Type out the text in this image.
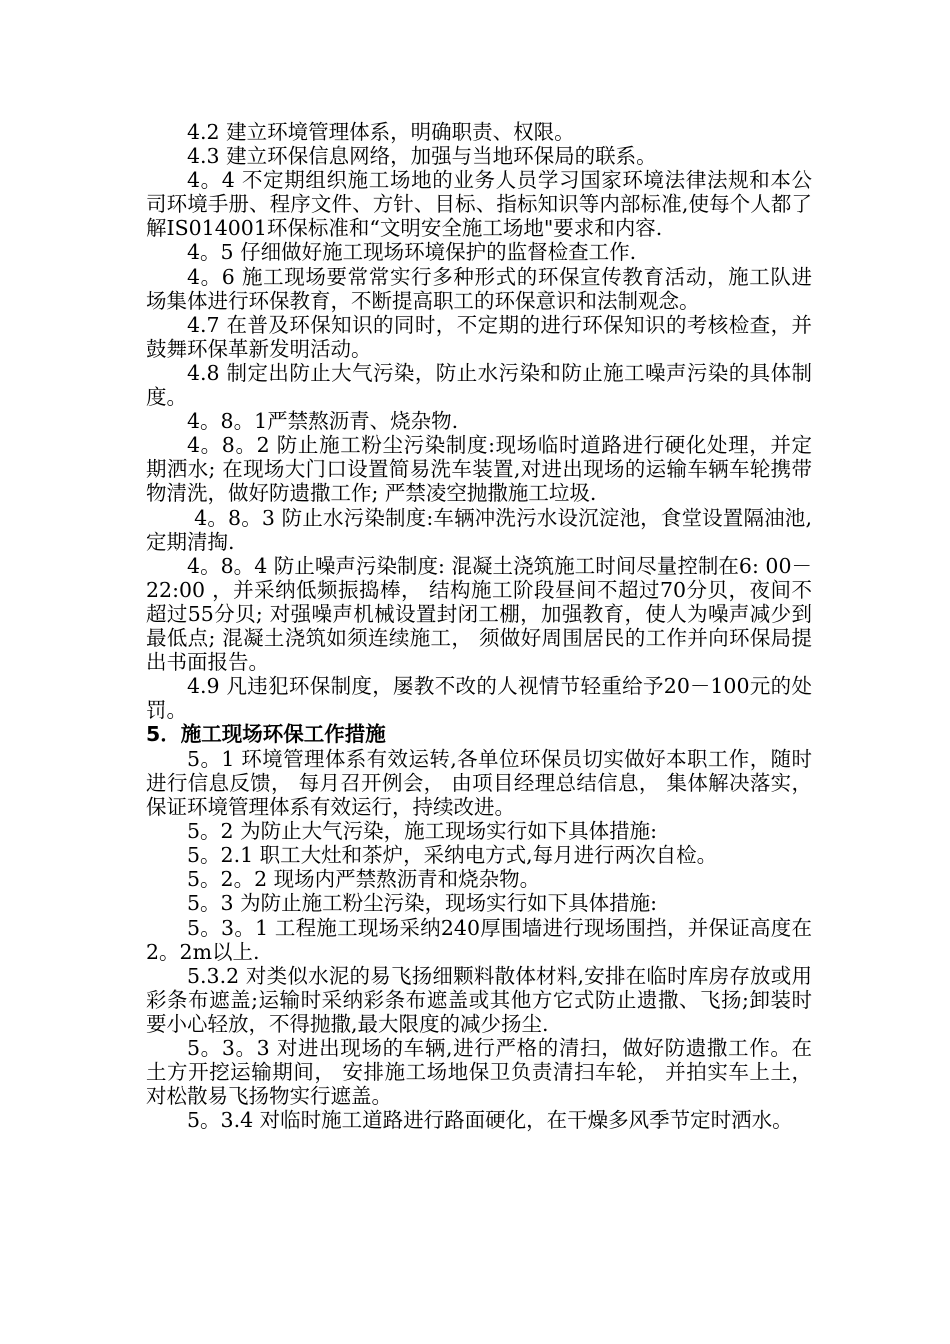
4.2 建立环境管理体系，明确职责、权限。

4.3 建立环保信息网络，加强与当地环保局的联系。

4。4 不定期组织施工场地的业务人员学习国家环境法律法规和本公司环境手册、程序文件、方针、目标、指标知识等内部标准,使每个人都了解IS014001环保标准和“文明安全施工场地"要求和内容.

4。5 仔细做好施工现场环境保护的监督检查工作.

4。6 施工现场要常常实行多种形式的环保宣传教育活动，施工队进场集体进行环保教育，不断提高职工的环保意识和法制观念。

4.7 在普及环保知识的同时，不定期的进行环保知识的考核检查，并鼓舞环保革新发明活动。

4.8 制定出防止大气污染，防止水污染和防止施工噪声污染的具体制度。

4。8。1严禁熬沥青、烧杂物.

4。8。2 防止施工粉尘污染制度:现场临时道路进行硬化处理，并定期洒水; 在现场大门口设置简易洗车装置,对进出现场的运输车辆车轮携带物清洗，做好防遗撒工作; 严禁凌空抛撒施工垃圾.

4。8。3 防止水污染制度:车辆冲洗污水设沉淀池，食堂设置隔油池,定期清掏.

4。8。4 防止噪声污染制度: 混凝土浇筑施工时间尽量控制在6: 00－22:00 ，并采纳低频振捣棒， 结构施工阶段昼间不超过70分贝，夜间不超过55分贝; 对强噪声机械设置封闭工棚，加强教育，使人为噪声减少到最低点; 混凝土浇筑如须连续施工， 须做好周围居民的工作并向环保局提出书面报告。

4.9 凡违犯环保制度，屡教不改的人视情节轻重给予20－100元的处罚。

5．施工现场环保工作措施

5。1 环境管理体系有效运转,各单位环保员切实做好本职工作，随时进行信息反馈， 每月召开例会， 由项目经理总结信息， 集体解决落实，保证环境管理体系有效运行，持续改进。

5。2 为防止大气污染，施工现场实行如下具体措施:

5。2.1 职工大灶和茶炉，采纳电方式,每月进行两次自检。

5。2。2 现场内严禁熬沥青和烧杂物。

5。3 为防止施工粉尘污染，现场实行如下具体措施:

5。3。1 工程施工现场采纳240厚围墙进行现场围挡，并保证高度在2。2m以上.

5.3.2 对类似水泥的易飞扬细颗料散体材料,安排在临时库房存放或用彩条布遮盖;运输时采纳彩条布遮盖或其他方它式防止遗撒、飞扬;卸装时要小心轻放，不得抛撒,最大限度的减少扬尘.

5。3。3 对进出现场的车辆,进行严格的清扫，做好防遗撒工作。在土方开挖运输期间， 安排施工场地保卫负责清扫车轮， 并拍实车上土，对松散易飞扬物实行遮盖。

5。3.4 对临时施工道路进行路面硬化，在干燥多风季节定时洒水。
